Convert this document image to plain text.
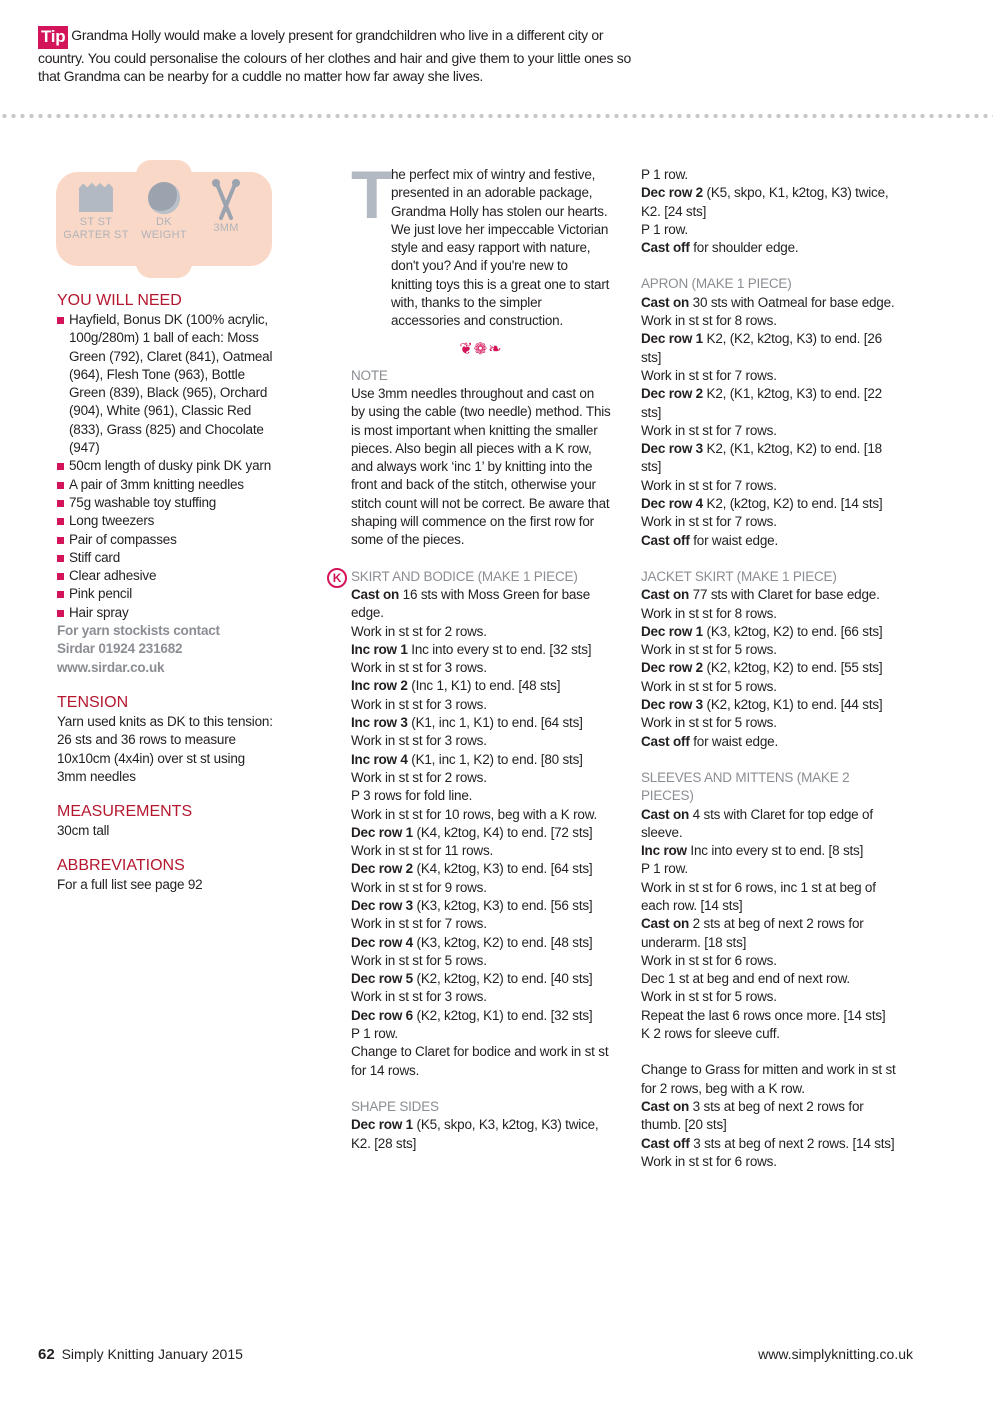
Tip Grandma Holly would make a lovely present for grandchildren who live in a different city or country. You could personalise the colours of her clothes and hair and give them to your little ones so that Grandma can be nearby for a cuddle no matter how far away she lives.
ST ST
GARTER ST
DK
WEIGHT
3MM
YOU WILL NEED
Hayfield, Bonus DK (100% acrylic, 100g/280m) 1 ball of each: Moss Green (792), Claret (841), Oatmeal (964), Flesh Tone (963), Bottle Green (839), Black (965), Orchard (904), White (961), Classic Red (833), Grass (825) and Chocolate (947)
50cm length of dusky pink DK yarn
A pair of 3mm knitting needles
75g washable toy stuffing
Long tweezers
Pair of compasses
Stiff card
Clear adhesive
Pink pencil
Hair spray
For yarn stockists contact
Sirdar 01924 231682
www.sirdar.co.uk
TENSION
Yarn used knits as DK to this tension: 26 sts and 36 rows to measure 10x10cm (4x4in) over st st using 3mm needles
MEASUREMENTS
30cm tall
ABBREVIATIONS
For a full list see page 92
T
he perfect mix of wintry and festive, presented in an adorable package, Grandma Holly has stolen our hearts. We just love her impeccable Victorian style and easy rapport with nature, don't you? And if you're new to knitting toys this is a great one to start with, thanks to the simpler accessories and construction.
❦❁❧
NOTE
Use 3mm needles throughout and cast on by using the cable (two needle) method. This is most important when knitting the smaller pieces. Also begin all pieces with a K row, and always work ‘inc 1’ by knitting into the front and back of the stitch, otherwise your stitch count will not be correct. Be aware that shaping will commence on the first row for some of the pieces.
K SKIRT AND BODICE (MAKE 1 PIECE)
Cast on 16 sts with Moss Green for base edge.
Work in st st for 2 rows.
Inc row 1 Inc into every st to end. [32 sts]
Work in st st for 3 rows.
Inc row 2 (Inc 1, K1) to end. [48 sts]
Work in st st for 3 rows.
Inc row 3 (K1, inc 1, K1) to end. [64 sts]
Work in st st for 3 rows.
Inc row 4 (K1, inc 1, K2) to end. [80 sts]
Work in st st for 2 rows.
P 3 rows for fold line.
Work in st st for 10 rows, beg with a K row.
Dec row 1 (K4, k2tog, K4) to end. [72 sts]
Work in st st for 11 rows.
Dec row 2 (K4, k2tog, K3) to end. [64 sts]
Work in st st for 9 rows.
Dec row 3 (K3, k2tog, K3) to end. [56 sts]
Work in st st for 7 rows.
Dec row 4 (K3, k2tog, K2) to end. [48 sts]
Work in st st for 5 rows.
Dec row 5 (K2, k2tog, K2) to end. [40 sts]
Work in st st for 3 rows.
Dec row 6 (K2, k2tog, K1) to end. [32 sts]
P 1 row.
Change to Claret for bodice and work in st st for 14 rows.
SHAPE SIDES
Dec row 1 (K5, skpo, K3, k2tog, K3) twice, K2. [28 sts]
P 1 row.
Dec row 2 (K5, skpo, K1, k2tog, K3) twice, K2. [24 sts]
P 1 row.
Cast off for shoulder edge.
APRON (MAKE 1 PIECE)
Cast on 30 sts with Oatmeal for base edge.
Work in st st for 8 rows.
Dec row 1 K2, (K2, k2tog, K3) to end. [26 sts]
Work in st st for 7 rows.
Dec row 2 K2, (K1, k2tog, K3) to end. [22 sts]
Work in st st for 7 rows.
Dec row 3 K2, (K1, k2tog, K2) to end. [18 sts]
Work in st st for 7 rows.
Dec row 4 K2, (k2tog, K2) to end. [14 sts]
Work in st st for 7 rows.
Cast off for waist edge.
JACKET SKIRT (MAKE 1 PIECE)
Cast on 77 sts with Claret for base edge.
Work in st st for 8 rows.
Dec row 1 (K3, k2tog, K2) to end. [66 sts]
Work in st st for 5 rows.
Dec row 2 (K2, k2tog, K2) to end. [55 sts]
Work in st st for 5 rows.
Dec row 3 (K2, k2tog, K1) to end. [44 sts]
Work in st st for 5 rows.
Cast off for waist edge.
SLEEVES AND MITTENS (MAKE 2 PIECES)
Cast on 4 sts with Claret for top edge of sleeve.
Inc row Inc into every st to end. [8 sts]
P 1 row.
Work in st st for 6 rows, inc 1 st at beg of each row. [14 sts]
Cast on 2 sts at beg of next 2 rows for underarm. [18 sts]
Work in st st for 6 rows.
Dec 1 st at beg and end of next row.
Work in st st for 5 rows.
Repeat the last 6 rows once more. [14 sts]
K 2 rows for sleeve cuff.
Change to Grass for mitten and work in st st for 2 rows, beg with a K row.
Cast on 3 sts at beg of next 2 rows for thumb. [20 sts]
Cast off 3 sts at beg of next 2 rows. [14 sts]
Work in st st for 6 rows.
62 Simply Knitting January 2015	www.simplyknitting.co.uk
